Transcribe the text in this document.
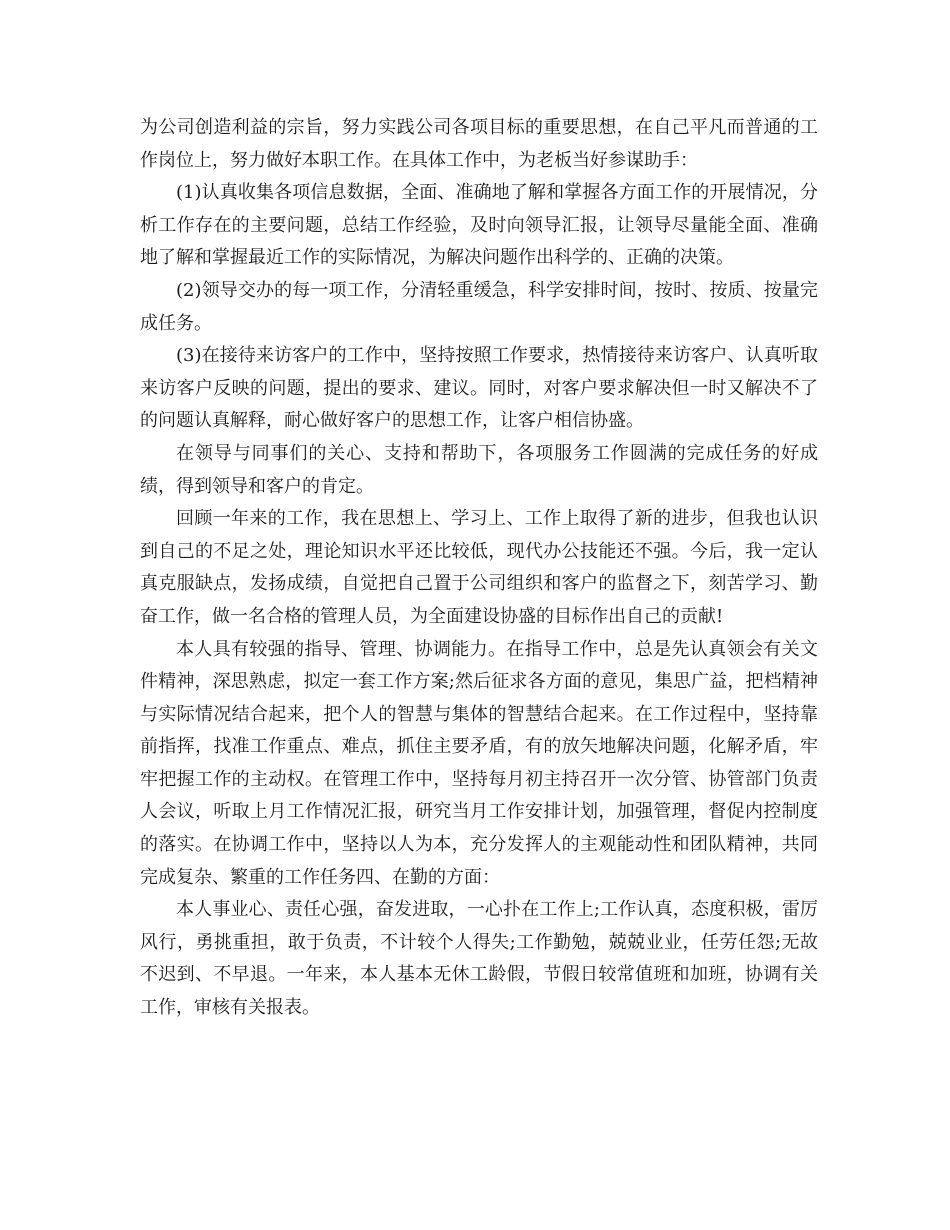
为公司创造利益的宗旨，努力实践公司各项目标的重要思想，在自己平凡而普通的工作岗位上，努力做好本职工作。在具体工作中，为老板当好参谋助手：

(1)认真收集各项信息数据，全面、准确地了解和掌握各方面工作的开展情况，分析工作存在的主要问题，总结工作经验，及时向领导汇报，让领导尽量能全面、准确地了解和掌握最近工作的实际情况，为解决问题作出科学的、正确的决策。

(2)领导交办的每一项工作，分清轻重缓急，科学安排时间，按时、按质、按量完成任务。

(3)在接待来访客户的工作中，坚持按照工作要求，热情接待来访客户、认真听取来访客户反映的问题，提出的要求、建议。同时，对客户要求解决但一时又解决不了的问题认真解释，耐心做好客户的思想工作，让客户相信协盛。

在领导与同事们的关心、支持和帮助下，各项服务工作圆满的完成任务的好成绩，得到领导和客户的肯定。

回顾一年来的工作，我在思想上、学习上、工作上取得了新的进步，但我也认识到自己的不足之处，理论知识水平还比较低，现代办公技能还不强。今后，我一定认真克服缺点，发扬成绩，自觉把自己置于公司组织和客户的监督之下，刻苦学习、勤奋工作，做一名合格的管理人员，为全面建设协盛的目标作出自己的贡献!

本人具有较强的指导、管理、协调能力。在指导工作中，总是先认真领会有关文件精神，深思熟虑，拟定一套工作方案;然后征求各方面的意见，集思广益，把档精神与实际情况结合起来，把个人的智慧与集体的智慧结合起来。在工作过程中，坚持靠前指挥，找准工作重点、难点，抓住主要矛盾，有的放矢地解决问题，化解矛盾，牢牢把握工作的主动权。在管理工作中，坚持每月初主持召开一次分管、协管部门负责人会议，听取上月工作情况汇报，研究当月工作安排计划，加强管理，督促内控制度的落实。在协调工作中，坚持以人为本，充分发挥人的主观能动性和团队精神，共同完成复杂、繁重的工作任务四、在勤的方面：

本人事业心、责任心强，奋发进取，一心扑在工作上;工作认真，态度积极，雷厉风行，勇挑重担，敢于负责，不计较个人得失;工作勤勉，兢兢业业，任劳任怨;无故不迟到、不早退。一年来，本人基本无休工龄假，节假日较常值班和加班，协调有关工作，审核有关报表。
